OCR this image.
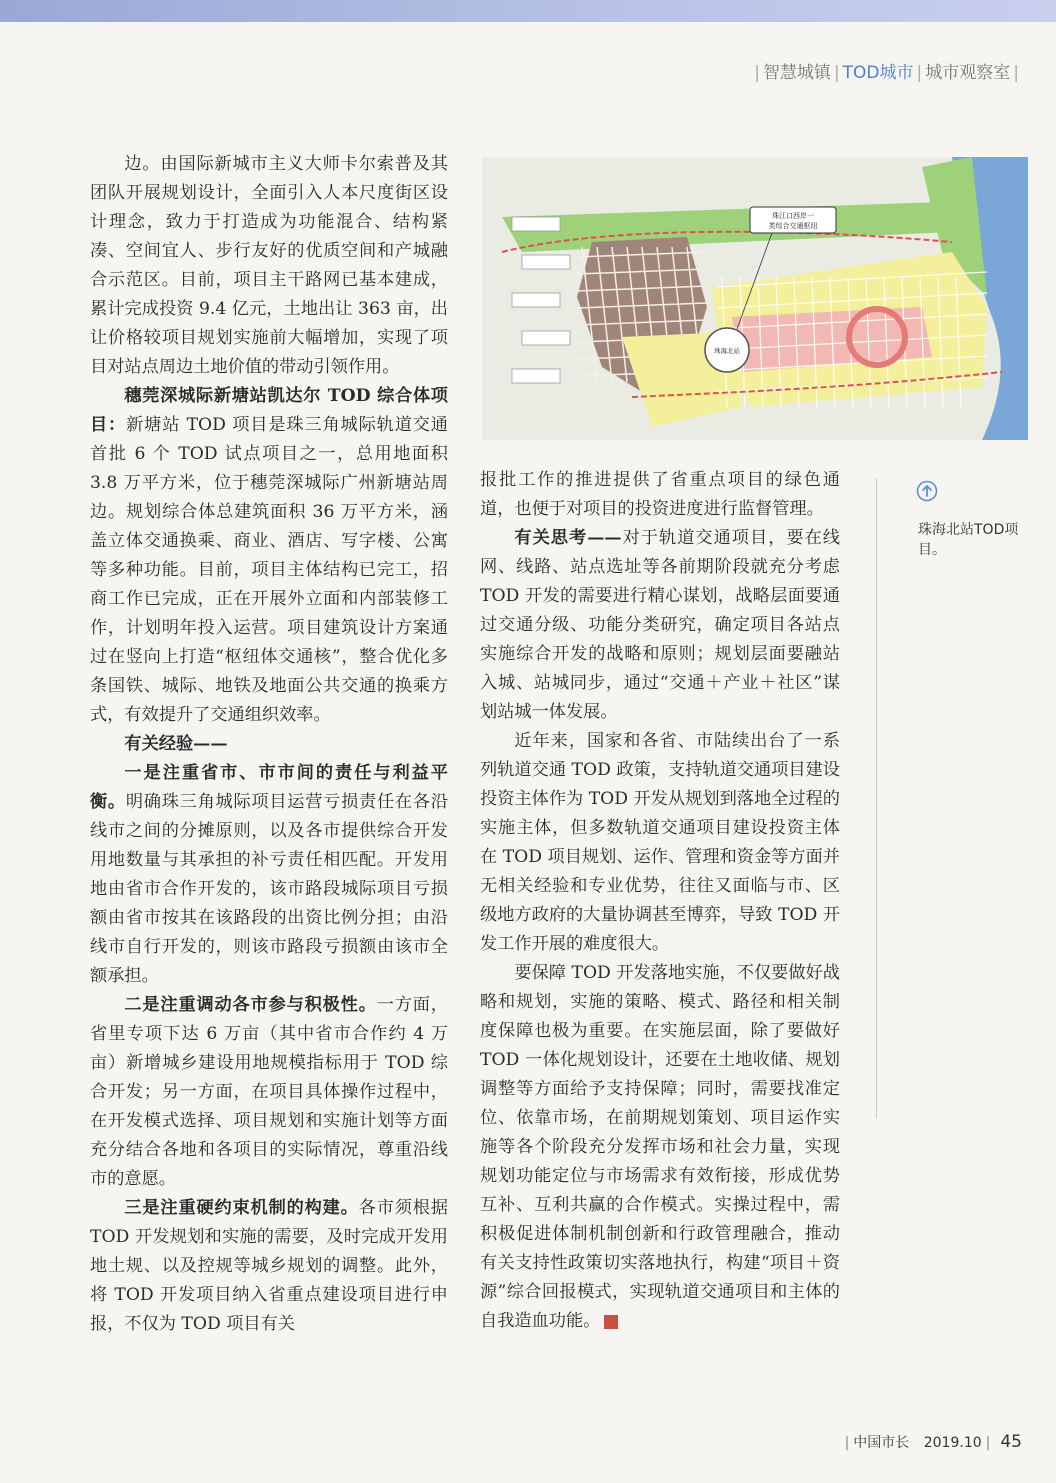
| 智慧城镇 | TOD城市 | 城市观察室 |

边。由国际新城市主义大师卡尔索普及其团队开展规划设计，全面引入人本尺度街区设计理念，致力于打造成为功能混合、结构紧凑、空间宜人、步行友好的优质空间和产城融合示范区。目前，项目主干路网已基本建成，累计完成投资 9.4 亿元，土地出让 363 亩，出让价格较项目规划实施前大幅增加，实现了项目对站点周边土地价值的带动引领作用。

穗莞深城际新塘站凯达尔 TOD 综合体项目：新塘站 TOD 项目是珠三角城际轨道交通首批 6 个 TOD 试点项目之一，总用地面积 3.8 万平方米，位于穗莞深城际广州新塘站周边。规划综合体总建筑面积 36 万平方米，涵盖立体交通换乘、商业、酒店、写字楼、公寓等多种功能。目前，项目主体结构已完工，招商工作已完成，正在开展外立面和内部装修工作，计划明年投入运营。项目建筑设计方案通过在竖向上打造“枢纽体交通核”，整合优化多条国铁、城际、地铁及地面公共交通的换乘方式，有效提升了交通组织效率。

有关经验——

一是注重省市、市市间的责任与利益平衡。明确珠三角城际项目运营亏损责任在各沿线市之间的分摊原则，以及各市提供综合开发用地数量与其承担的补亏责任相匹配。开发用地由省市合作开发的，该市路段城际项目亏损额由省市按其在该路段的出资比例分担；由沿线市自行开发的，则该市路段亏损额由该市全额承担。

二是注重调动各市参与积极性。一方面，省里专项下达 6 万亩（其中省市合作约 4 万亩）新增城乡建设用地规模指标用于 TOD 综合开发；另一方面，在项目具体操作过程中，在开发模式选择、项目规划和实施计划等方面充分结合各地和各项目的实际情况，尊重沿线市的意愿。

三是注重硬约束机制的构建。各市须根据 TOD 开发规划和实施的需要，及时完成开发用地土规、以及控规等城乡规划的调整。此外，将 TOD 开发项目纳入省重点建设项目进行申报，不仅为 TOD 项目有关

珠江口西岸一
类综合交通枢纽
珠海北站

报批工作的推进提供了省重点项目的绿色通道，也便于对项目的投资进度进行监督管理。

有关思考——对于轨道交通项目，要在线网、线路、站点选址等各前期阶段就充分考虑 TOD 开发的需要进行精心谋划，战略层面要通过交通分级、功能分类研究，确定项目各站点实施综合开发的战略和原则；规划层面要融站入城、站城同步，通过“交通＋产业＋社区”谋划站城一体发展。

近年来，国家和各省、市陆续出台了一系列轨道交通 TOD 政策，支持轨道交通项目建设投资主体作为 TOD 开发从规划到落地全过程的实施主体，但多数轨道交通项目建设投资主体在 TOD 项目规划、运作、管理和资金等方面并无相关经验和专业优势，往往又面临与市、区级地方政府的大量协调甚至博弈，导致 TOD 开发工作开展的难度很大。

要保障 TOD 开发落地实施，不仅要做好战略和规划，实施的策略、模式、路径和相关制度保障也极为重要。在实施层面，除了要做好 TOD 一体化规划设计，还要在土地收储、规划调整等方面给予支持保障；同时，需要找准定位、依靠市场，在前期规划策划、项目运作实施等各个阶段充分发挥市场和社会力量，实现规划功能定位与市场需求有效衔接，形成优势互补、互利共赢的合作模式。实操过程中，需积极促进体制机制创新和行政管理融合，推动有关支持性政策切实落地执行，构建“项目＋资源”综合回报模式，实现轨道交通项目和主体的自我造血功能。

珠海北站TOD项目。
| 中国市长 2019.10 | 45
